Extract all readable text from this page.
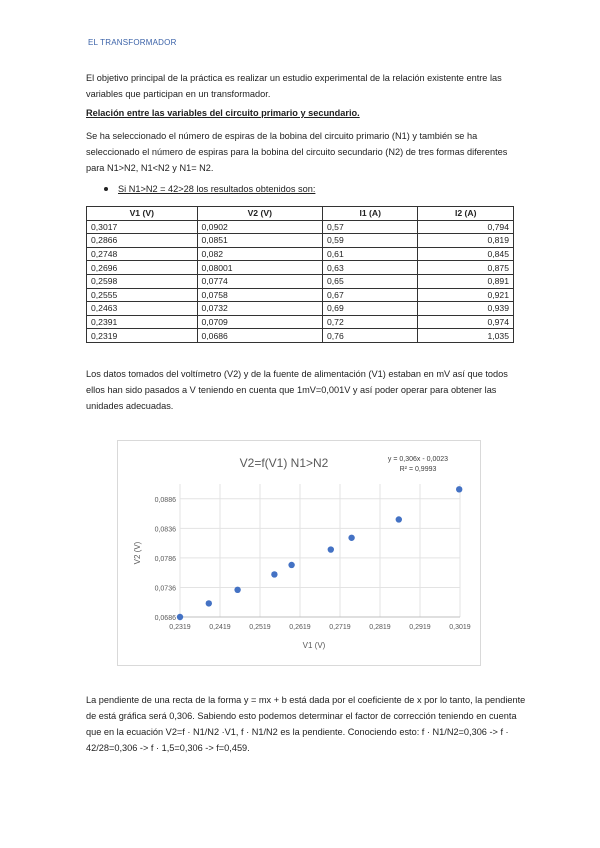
EL TRANSFORMADOR
El objetivo principal de la práctica es realizar un estudio experimental de la relación existente entre las variables que participan en un transformador.
Relación entre las variables del circuito primario y secundario.
Se ha seleccionado el número de espiras de la bobina del circuito primario (N1) y también se ha seleccionado el número de espiras para la bobina del circuito secundario (N2) de tres formas diferentes para N1>N2, N1<N2 y N1= N2.
Si N1>N2 = 42>28 los resultados obtenidos son:
V1 (V)	V2 (V)	I1 (A)	I2 (A)
0,3017	0,0902	0,57	0,794
0,2866	0,0851	0,59	0,819
0,2748	0,082	0,61	0,845
0,2696	0,08001	0,63	0,875
0,2598	0,0774	0,65	0,891
0,2555	0,0758	0,67	0,921
0,2463	0,0732	0,69	0,939
0,2391	0,0709	0,72	0,974
0,2319	0,0686	0,76	1,035
Los datos tomados del voltímetro (V2) y de la fuente de alimentación (V1) estaban en mV así que todos ellos han sido pasados a V teniendo en cuenta que 1mV=0,001V y así poder operar para obtener las unidades adecuadas.
V2=f(V1) N1>N2	y = 0,306x - 0,0023
R² = 0,9993
0,0686
0,0736
0,0786
0,0836
0,0886
0,2319	0,2419	0,2519	0,2619	0,2719	0,2819	0,2919	0,3019
V1 (V)
V2 (V)
La pendiente de una recta de la forma y = mx + b está dada por el coeficiente de x por lo tanto, la pendiente de está gráfica será 0,306. Sabiendo esto podemos determinar el factor de corrección teniendo en cuenta que en la ecuación V2=f · N1/N2 ·V1, f · N1/N2 es la pendiente. Conociendo esto: f · N1/N2=0,306 -> f · 42/28=0,306 -> f · 1,5=0,306 -> f=0,459.
